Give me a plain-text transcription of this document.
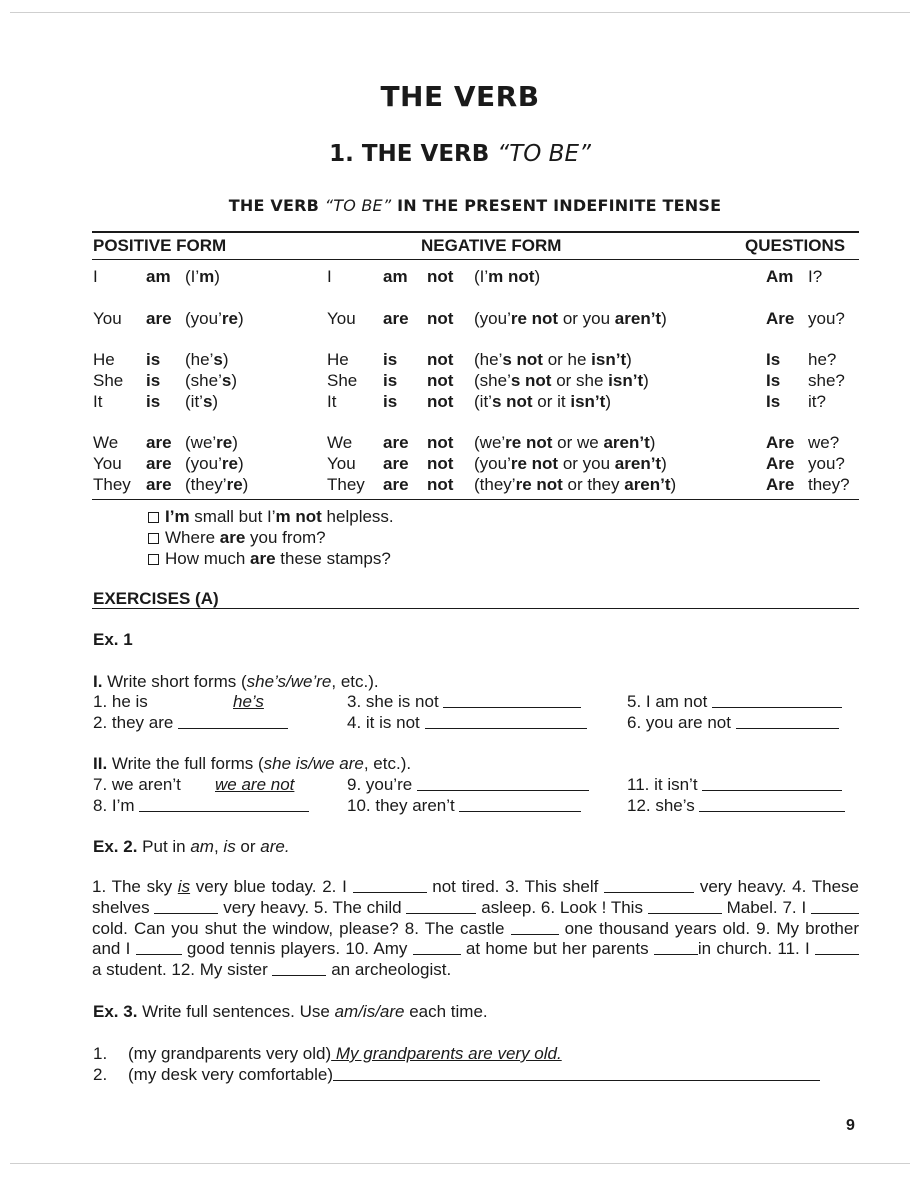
THE VERB
1. THE VERB “TO BE”
THE VERB “TO BE” IN THE PRESENT INDEFINITE TENSE
POSITIVE FORM	NEGATIVE FORM	QUESTIONS
I	am (I’m)	I	am not (I’m not)	Am I?
You are (you’re)	You are not (you’re not or you aren’t)	Are you?
He is (he’s)	He is not (he’s not or he isn’t)	Is he?
She is (she’s)	She is not (she’s not or she isn’t)	Is she?
It	is (it’s)	It	is not (it’s not or it isn’t)	Is it?
We are (we’re)	We are not (we’re not or we aren’t)	Are we?
You are (you’re)	You are not (you’re not or you aren’t)	Are you?
They are (they’re)	They are not (they’re not or they aren’t)	Are they?
I’m small but I’m not helpless.
Where are you from?
How much are these stamps?
EXERCISES (A)
Ex. 1
I. Write short forms (she’s/we’re, etc.).
1. he is	he’s
2. they are
3. she is not
4. it is not
5. I am not
6. you are not
II. Write the full forms (she is/we are, etc.).
7. we aren’t we are not
8. I’m
9. you’re
10. they aren’t
11. it isn’t
12. she’s
Ex. 2. Put in am, is or are.
1. The sky is very blue today. 2. I	not tired. 3. This shelf	very heavy. 4. These shelves	very heavy. 5. The child	asleep. 6. Look ! This	Mabel. 7. I  cold. Can you shut the window, please? 8. The castle	one thousand years old. 9. My brother and I	good tennis players. 10. Amy	at home but her parents	in church. 11. I  a student. 12. My sister	an archeologist.
Ex. 3. Write full sentences. Use am/is/are each time.
1. (my grandparents very old) My grandparents are very old.
2. (my desk very comfortable)
9
